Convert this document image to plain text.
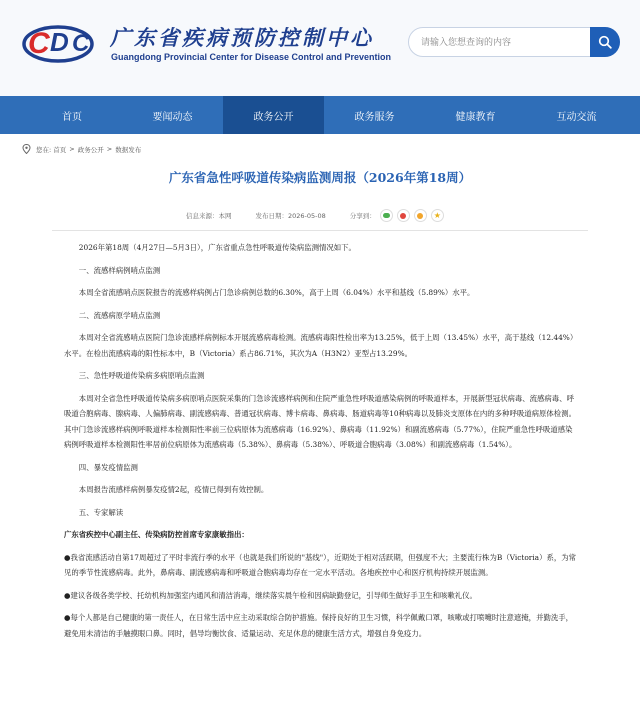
C D C 广东省疾病预防控制中心
Guangdong Provincial Center for Disease Control and Prevention
请输入您想查询的内容
首页	要闻动态	政务公开	政务服务	健康教育	互动交流
您在:
首页 > 政务公开 > 数据发布
广东省急性呼吸道传染病监测周报（2026年第18周）
信息来源：本网	发布日期：2026-05-08	分享到：	★

2026年第18周（4月27日—5月3日），广东省重点急性呼吸道传染病监测情况如下。

一、流感样病例哨点监测

本周全省流感哨点医院报告的流感样病例占门急诊病例总数的6.30%，高于上周（6.04%）水平和基线（5.89%）水平。

二、流感病原学哨点监测

本周对全省流感哨点医院门急诊流感样病例标本开展流感病毒检测。流感病毒阳性检出率为13.25%，低于上周（13.45%）水平，高于基线（12.44%）水平。在检出流感病毒的阳性标本中，B（Victoria）系占86.71%，其次为A（H3N2）亚型占13.29%。

三、急性呼吸道传染病多病原哨点监测

本周对全省急性呼吸道传染病多病原哨点医院采集的门急诊流感样病例和住院严重急性呼吸道感染病例的呼吸道样本，开展新型冠状病毒、流感病毒、呼吸道合胞病毒、腺病毒、人偏肺病毒、副流感病毒、普通冠状病毒、博卡病毒、鼻病毒、肠道病毒等10种病毒以及肺炎支原体在内的多种呼吸道病原体检测。其中门急诊流感样病例呼吸道样本检测阳性率前三位病原体为流感病毒（16.92%）、鼻病毒（11.92%）和副流感病毒（5.77%），住院严重急性呼吸道感染病例呼吸道样本检测阳性率居前位病原体为流感病毒（5.38%）、鼻病毒（5.38%）、呼吸道合胞病毒（3.08%）和副流感病毒（1.54%）。

四、暴发疫情监测

本周报告流感样病例暴发疫情2起，疫情已得到有效控制。

五、专家解读

广东省疾控中心副主任、传染病防控首席专家康敏指出：

●我省流感活动自第17周超过了平时非流行季的水平（也就是我们所说的"基线"），近期处于相对活跃期，但强度不大；主要流行株为B（Victoria）系，为常见的季节性流感病毒。此外，鼻病毒、副流感病毒和呼吸道合胞病毒均存在一定水平活动。各地疾控中心和医疗机构持续开展监测。

●建议各级各类学校、托幼机构加强室内通风和清洁消毒，继续落实晨午检和因病缺勤登记，引导师生做好手卫生和咳嗽礼仪。

●每个人都是自己健康的第一责任人，在日常生活中应主动采取综合防护措施。保持良好的卫生习惯，科学佩戴口罩，咳嗽或打喷嚏时注意遮掩，并勤洗手，避免用未清洁的手触摸眼口鼻。同时，倡导均衡饮食、适量运动、充足休息的健康生活方式，增强自身免疫力。
